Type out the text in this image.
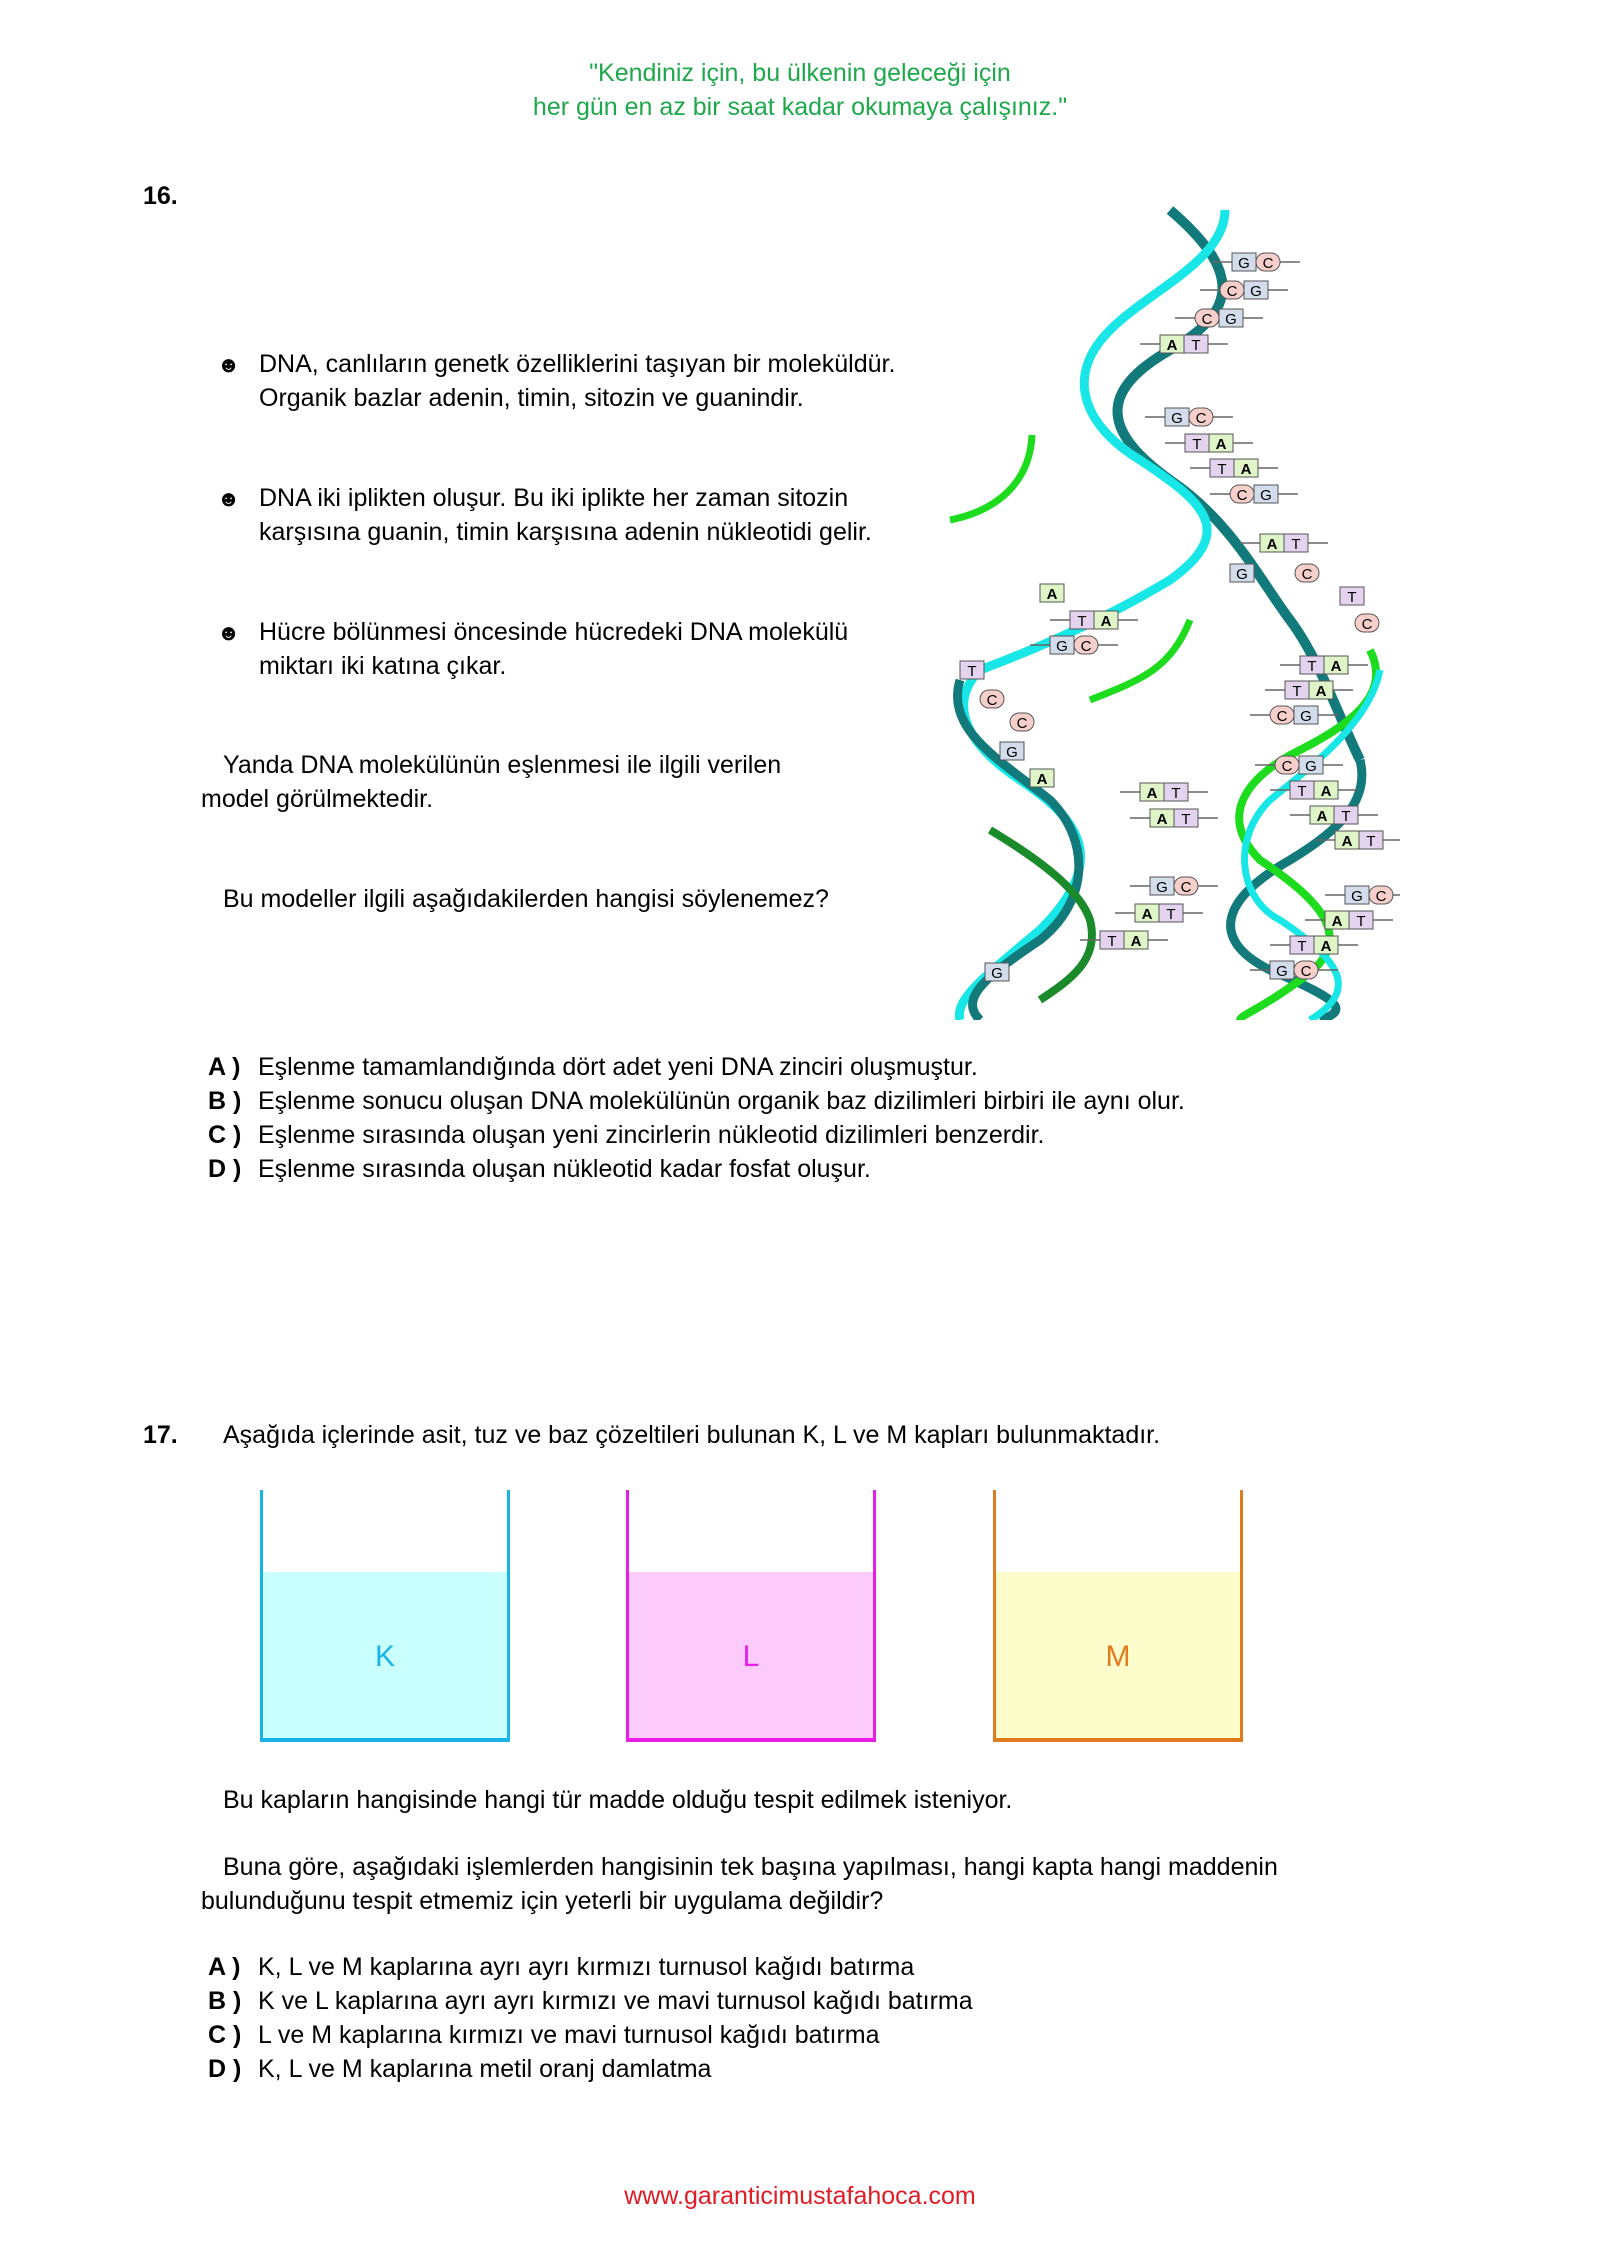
"Kendiniz için, bu ülkenin geleceği için
her gün en az bir saat kadar okumaya çalışınız."
16.
☻ DNA, canlıların genetk özelliklerini taşıyan bir moleküldür.
Organik bazlar adenin, timin, sitozin ve guanindir.
☻ DNA iki iplikten oluşur. Bu iki iplikte her zaman sitozin
karşısına guanin, timin karşısına adenin nükleotidi gelir.
☻ Hücre bölünmesi öncesinde hücredeki DNA molekülü
miktarı iki katına çıkar.
Yanda DNA molekülünün eşlenmesi ile ilgili verilen
model görülmektedir.
Bu modeller ilgili aşağıdakilerden hangisi söylenemez?
A ) Eşlenme tamamlandığında dört adet yeni DNA zinciri oluşmuştur.
B ) Eşlenme sonucu oluşan DNA molekülünün organik baz dizilimleri birbiri ile aynı olur.
C ) Eşlenme sırasında oluşan yeni zincirlerin nükleotid dizilimleri benzerdir.
D ) Eşlenme sırasında oluşan nükleotid kadar fosfat oluşur.
G C
C G
C G
A T
G C
T A
T A
C G
A T
A T
A T
G C
A T
T A
T A
T A
C G
C G
T A
A T
A T
G C
A T
T A
G C
T A
G C
G	C
A	T
C
C
C
G
A
G
T
17. Aşağıda içlerinde asit, tuz ve baz çözeltileri bulunan K, L ve M kapları bulunmaktadır.
K	L	M
Bu kapların hangisinde hangi tür madde olduğu tespit edilmek isteniyor.
Buna göre, aşağıdaki işlemlerden hangisinin tek başına yapılması, hangi kapta hangi maddenin
bulunduğunu tespit etmemiz için yeterli bir uygulama değildir?
A ) K, L ve M kaplarına ayrı ayrı kırmızı turnusol kağıdı batırma
B ) K ve L kaplarına ayrı ayrı kırmızı ve mavi turnusol kağıdı batırma
C ) L ve M kaplarına kırmızı ve mavi turnusol kağıdı batırma
D ) K, L ve M kaplarına metil oranj damlatma
www.garanticimustafahoca.com
